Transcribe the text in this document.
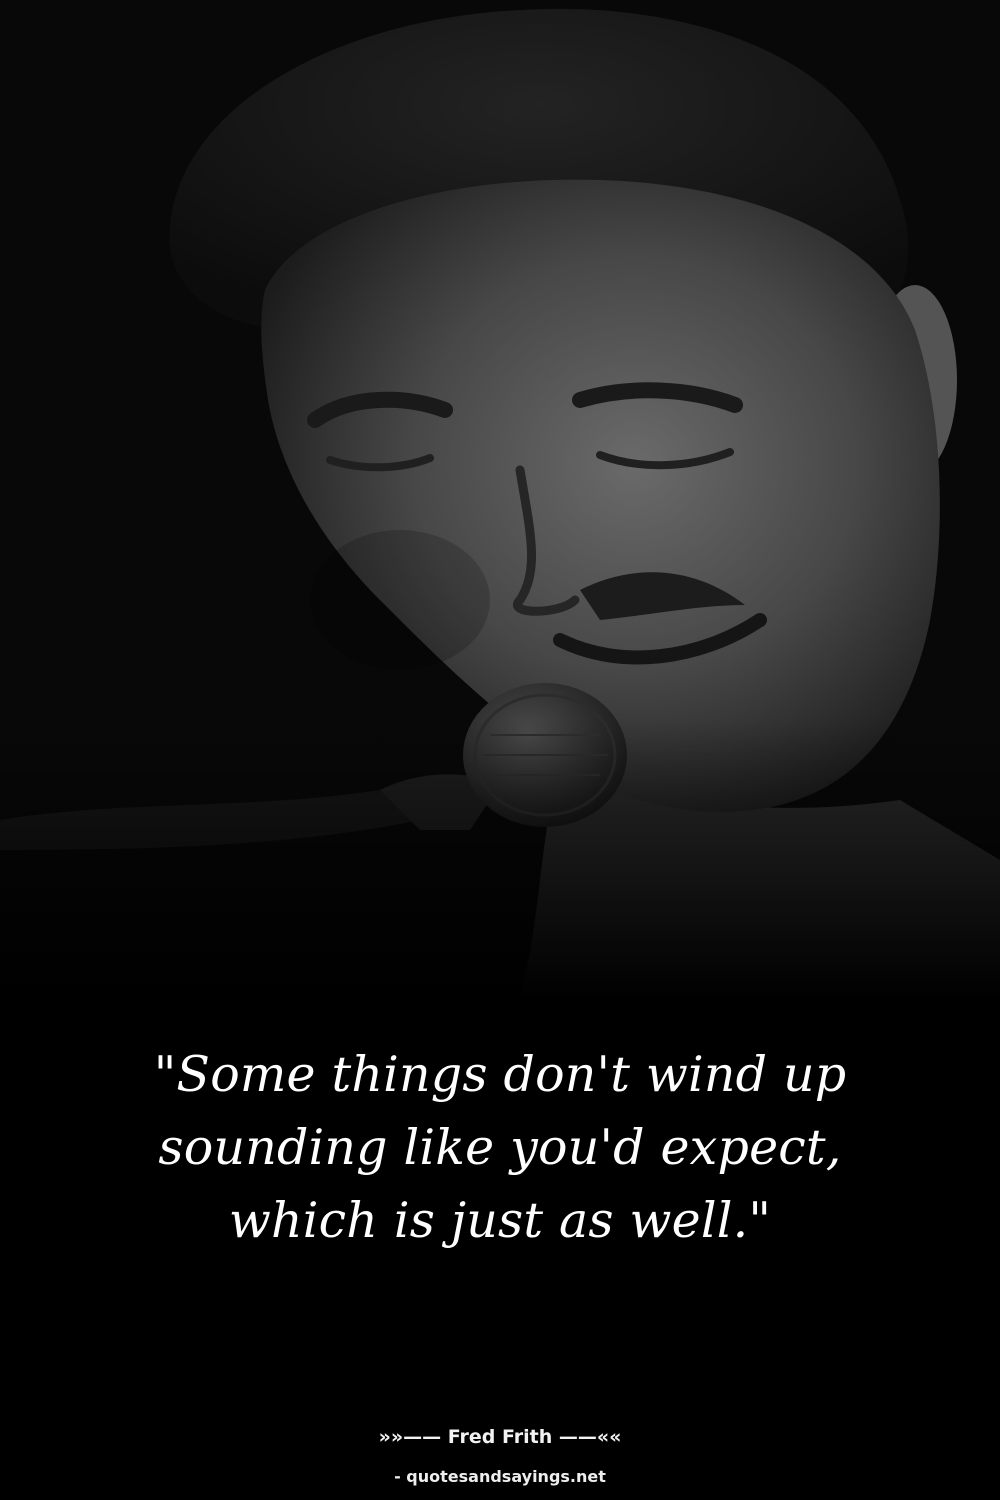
"Some things don't wind up sounding like you'd expect, which is just as well."

»»—— Fred Frith ——««
- quotesandsayings.net
